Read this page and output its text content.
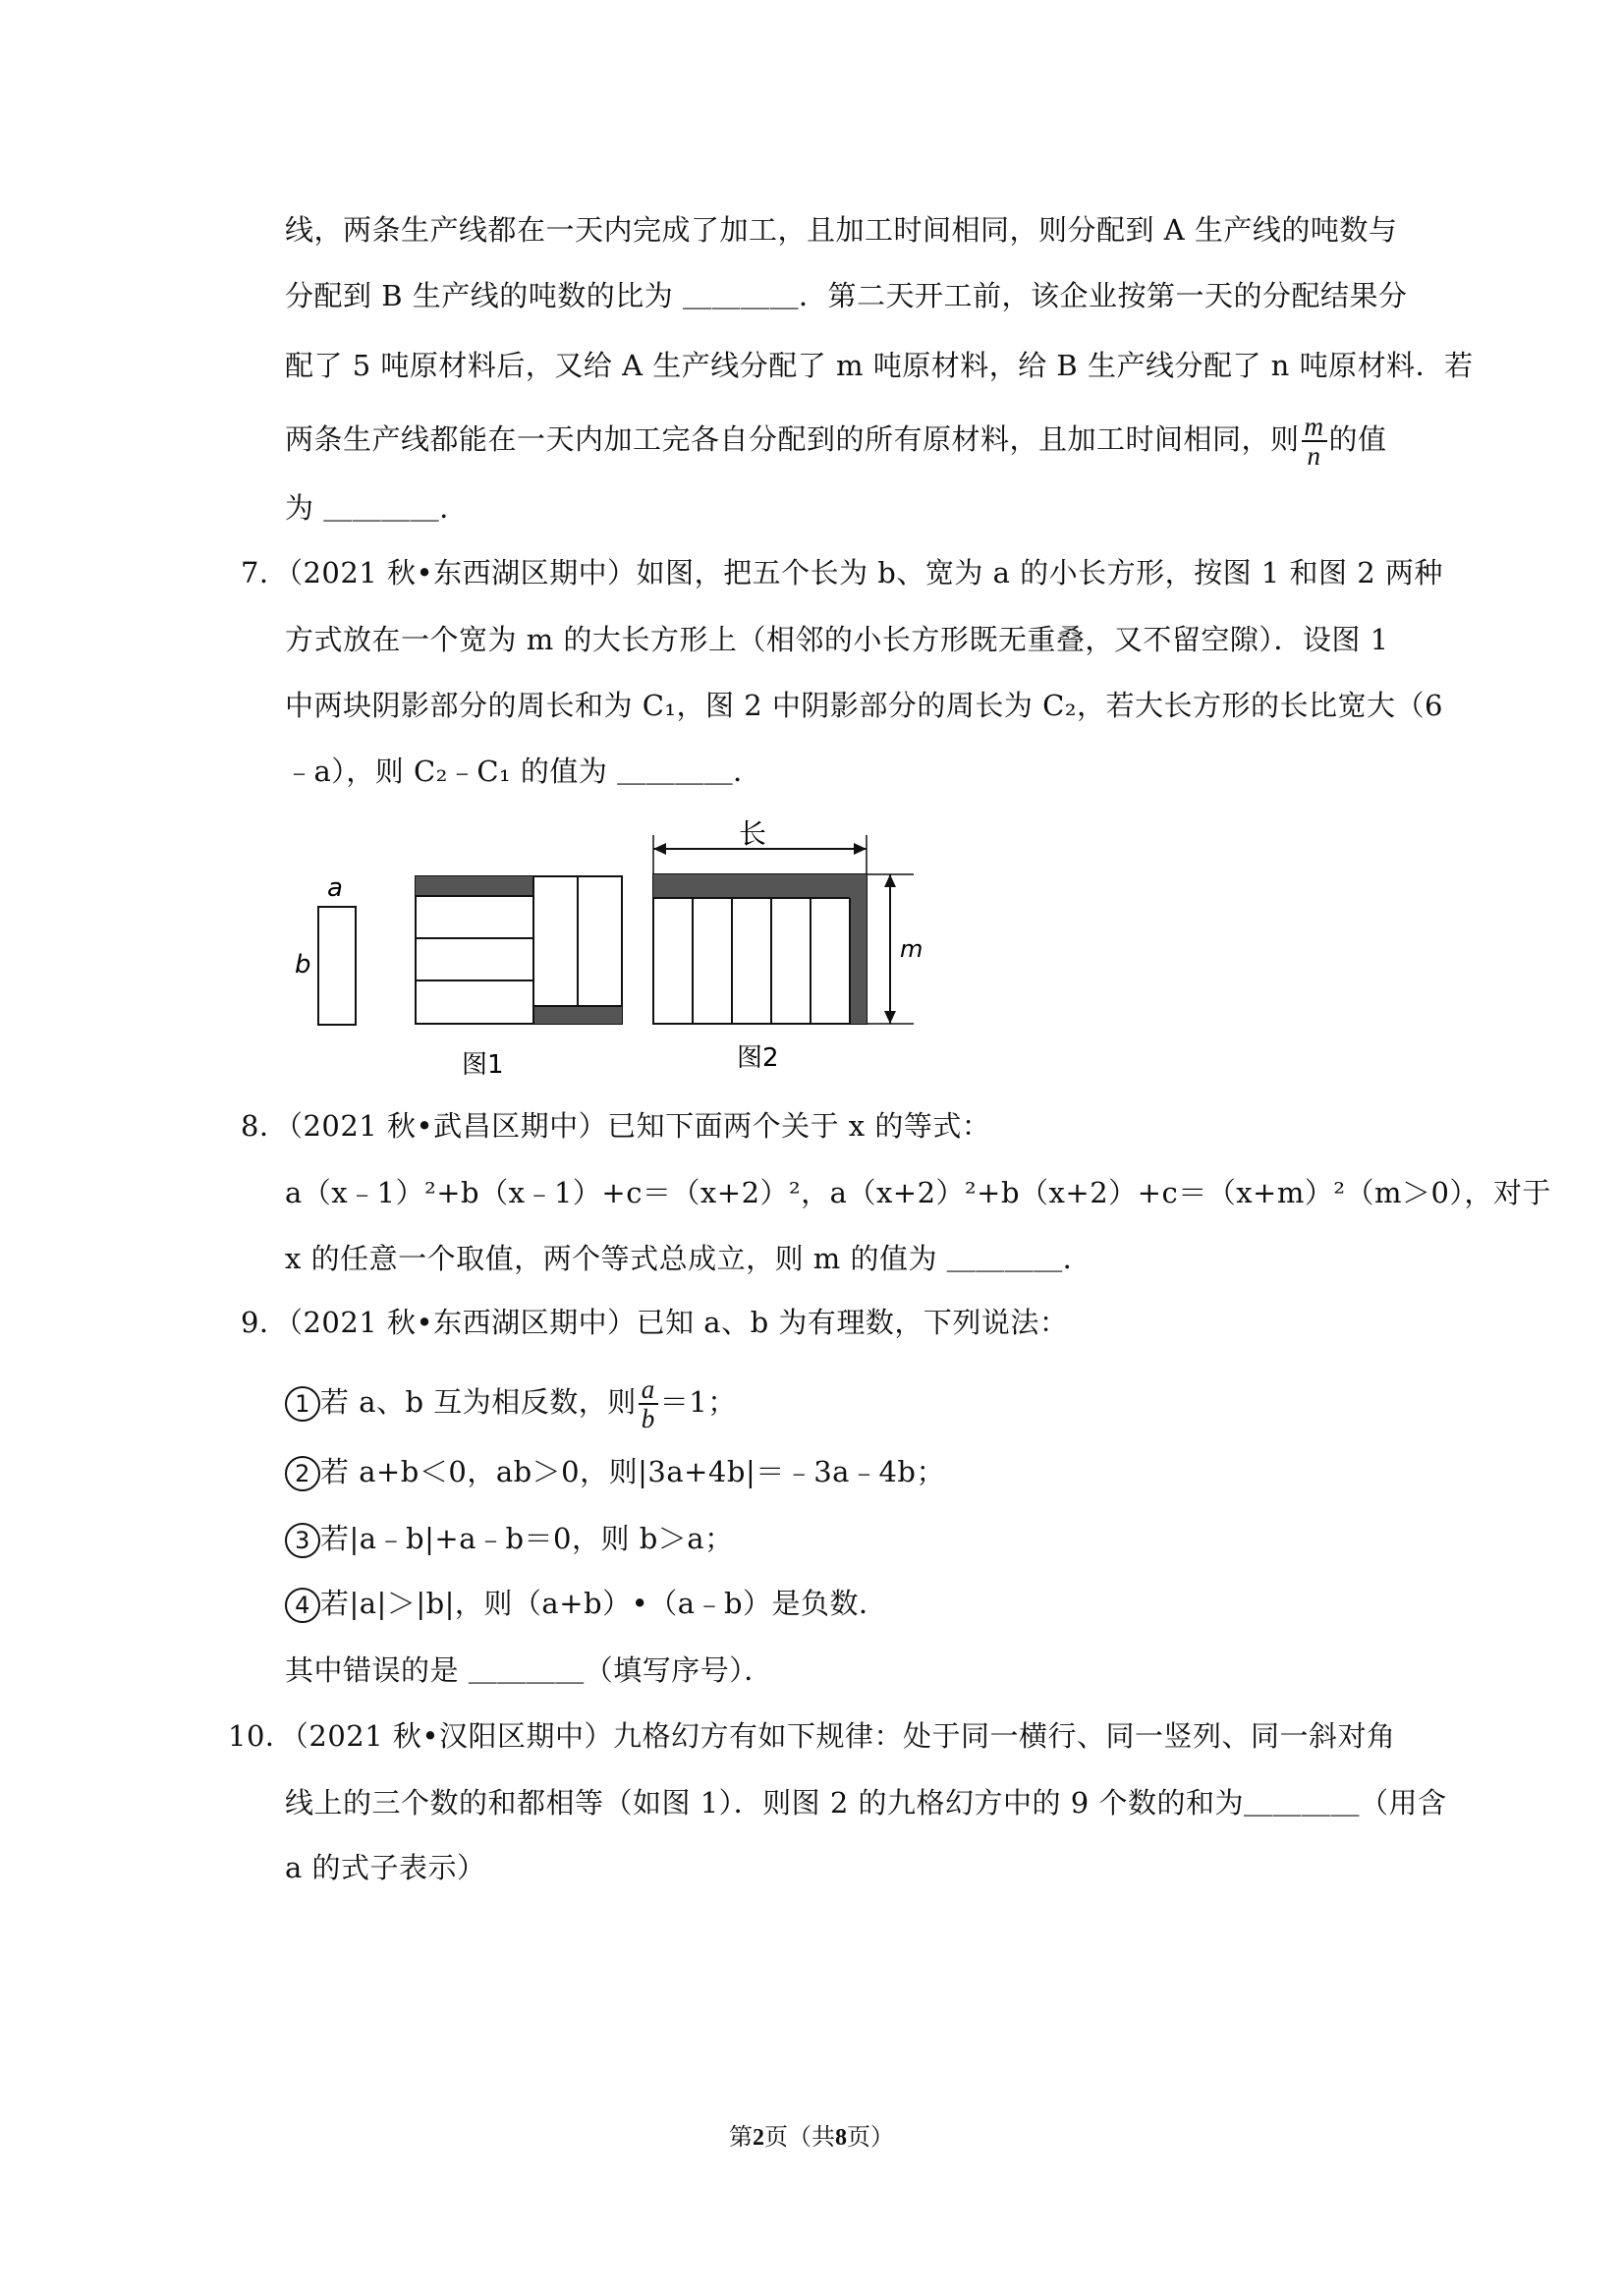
线，两条生产线都在一天内完成了加工，且加工时间相同，则分配到 A 生产线的吨数与
分配到 B 生产线的吨数的比为 ＿＿＿＿．第二天开工前，该企业按第一天的分配结果分
配了 5 吨原材料后，又给 A 生产线分配了 m 吨原材料，给 B 生产线分配了 n 吨原材料．若
两条生产线都能在一天内加工完各自分配到的所有原材料，且加工时间相同，则 $\frac{m}{n}$ 的值
为 ＿＿＿＿．
7．（2021 秋•东西湖区期中）如图，把五个长为 b、宽为 a 的小长方形，按图 1 和图 2 两种
方式放在一个宽为 m 的大长方形上（相邻的小长方形既无重叠，又不留空隙）．设图 1
中两块阴影部分的周长和为 C₁，图 2 中阴影部分的周长为 C₂，若大长方形的长比宽大（6
﹣a），则 C₂﹣C₁ 的值为 ＿＿＿＿．
a
b
图1
长
m
图2
8．（2021 秋•武昌区期中）已知下面两个关于 x 的等式：
a（x﹣1）²+b（x﹣1）+c＝（x+2）²，a（x+2）²+b（x+2）+c＝（x+m）²（m＞0），对于
x 的任意一个取值，两个等式总成立，则 m 的值为 ＿＿＿＿．
9．（2021 秋•东西湖区期中）已知 a、b 为有理数，下列说法：
1 若 a、b 互为相反数，则 $\frac{a}{b} =1$；
2 若 a+b＜0，ab＞0，则|3a+4b|＝﹣3a﹣4b；
3 若|a﹣b|+a﹣b＝0，则 b＞a；
4 若|a|＞|b|，则（a+b）•（a﹣b）是负数．
其中错误的是 ＿＿＿＿（填写序号）．
10．（2021 秋•汉阳区期中）九格幻方有如下规律：处于同一横行、同一竖列、同一斜对角
线上的三个数的和都相等（如图 1）．则图 2 的九格幻方中的 9 个数的和为＿＿＿＿（用含
a 的式子表示）
第2页（共8页）
